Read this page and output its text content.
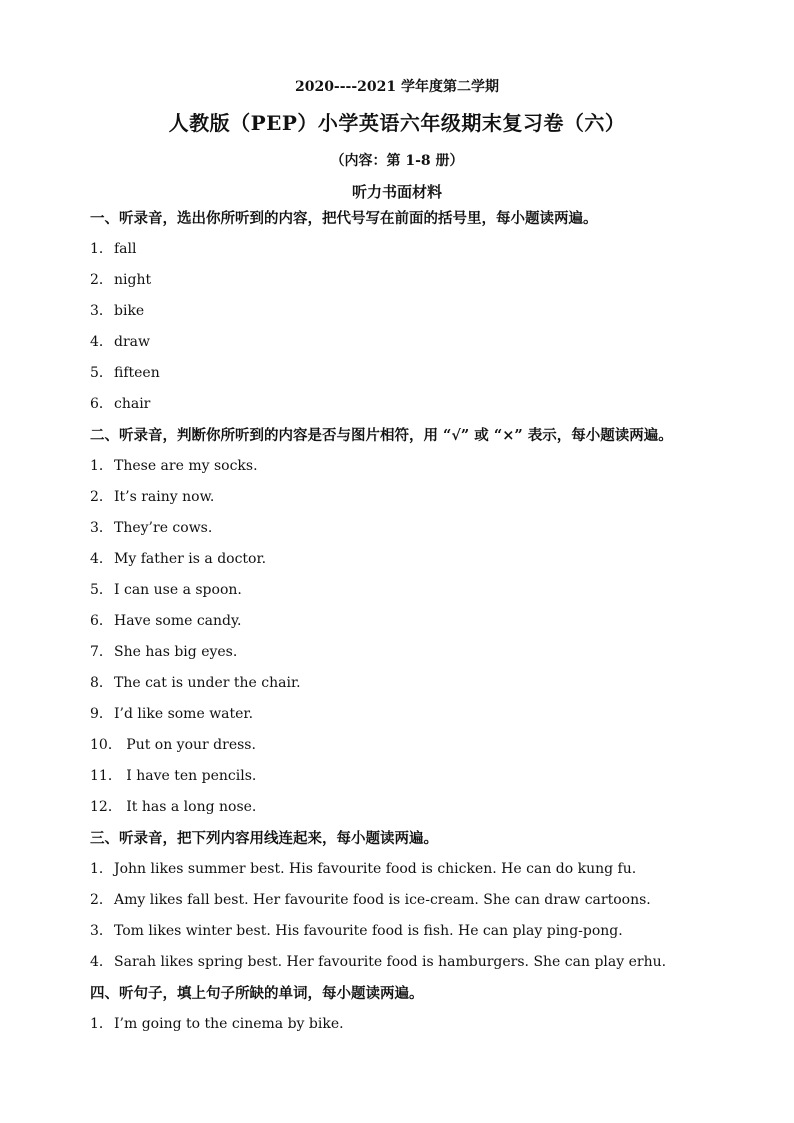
2020----2021 学年度第二学期
人教版（PEP）小学英语六年级期末复习卷（六）
（内容：第 1-8 册）
听力书面材料
一、听录音，选出你所听到的内容，把代号写在前面的括号里，每小题读两遍。
1．fall
2．night
3．bike
4．draw
5．fifteen
6．chair
二、听录音，判断你所听到的内容是否与图片相符，用 “√” 或 “×” 表示，每小题读两遍。
1．These are my socks.
2．It’s rainy now.
3．They’re cows.
4．My father is a doctor.
5．I can use a spoon.
6．Have some candy.
7．She has big eyes.
8．The cat is under the chair.
9．I’d like some water.
10． Put on your dress.
11． I have ten pencils.
12． It has a long nose.
三、听录音，把下列内容用线连起来，每小题读两遍。
1．John likes summer best. His favourite food is chicken. He can do kung fu.
2．Amy likes fall best. Her favourite food is ice-cream. She can draw cartoons.
3．Tom likes winter best. His favourite food is fish. He can play ping-pong.
4．Sarah likes spring best. Her favourite food is hamburgers. She can play erhu.
四、听句子，填上句子所缺的单词，每小题读两遍。
1．I’m going to the cinema by bike.
